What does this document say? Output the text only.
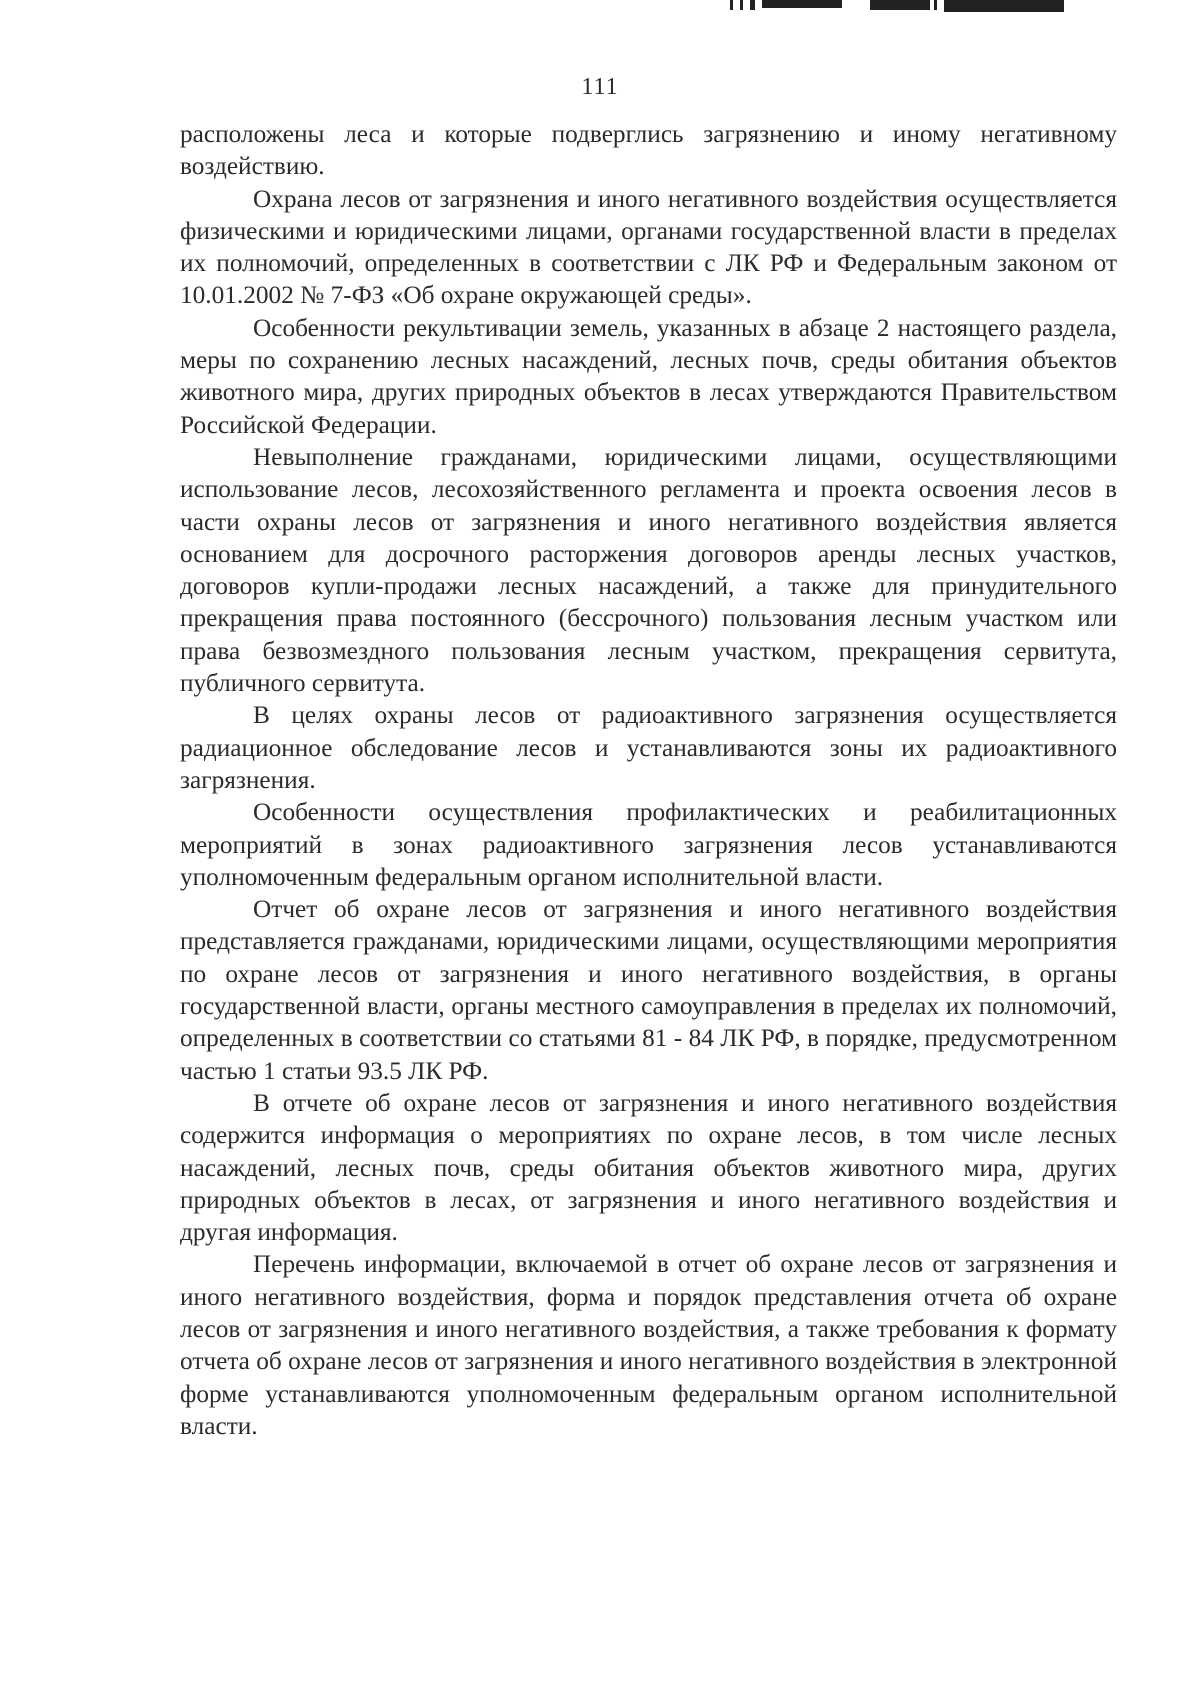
111

расположены леса и которые подверглись загрязнению и иному негативному воздействию.

Охрана лесов от загрязнения и иного негативного воздействия осуществляется физическими и юридическими лицами, органами государственной власти в пределах их полномочий, определенных в соответствии с ЛК РФ и Федеральным законом от 10.01.2002 № 7-ФЗ «Об охране окружающей среды».

Особенности рекультивации земель, указанных в абзаце 2 настоящего раздела, меры по сохранению лесных насаждений, лесных почв, среды обитания объектов животного мира, других природных объектов в лесах утверждаются Правительством Российской Федерации.

Невыполнение гражданами, юридическими лицами, осуществляющими использование лесов, лесохозяйственного регламента и проекта освоения лесов в части охраны лесов от загрязнения и иного негативного воздействия является основанием для досрочного расторжения договоров аренды лесных участков, договоров купли-продажи лесных насаждений, а также для принудительного прекращения права постоянного (бессрочного) пользования лесным участком или права безвозмездного пользования лесным участком, прекращения сервитута, публичного сервитута.

В целях охраны лесов от радиоактивного загрязнения осуществляется радиационное обследование лесов и устанавливаются зоны их радиоактивного загрязнения.

Особенности осуществления профилактических и реабилитационных мероприятий в зонах радиоактивного загрязнения лесов устанавливаются уполномоченным федеральным органом исполнительной власти.

Отчет об охране лесов от загрязнения и иного негативного воздействия представляется гражданами, юридическими лицами, осуществляющими мероприятия по охране лесов от загрязнения и иного негативного воздействия, в органы государственной власти, органы местного самоуправления в пределах их полномочий, определенных в соответствии со статьями 81 - 84 ЛК РФ, в порядке, предусмотренном частью 1 статьи 93.5 ЛК РФ.

В отчете об охране лесов от загрязнения и иного негативного воздействия содержится информация о мероприятиях по охране лесов, в том числе лесных насаждений, лесных почв, среды обитания объектов животного мира, других природных объектов в лесах, от загрязнения и иного негативного воздействия и другая информация.

Перечень информации, включаемой в отчет об охране лесов от загрязнения и иного негативного воздействия, форма и порядок представления отчета об охране лесов от загрязнения и иного негативного воздействия, а также требования к формату отчета об охране лесов от загрязнения и иного негативного воздействия в электронной форме устанавливаются уполномоченным федеральным органом исполнительной власти.
